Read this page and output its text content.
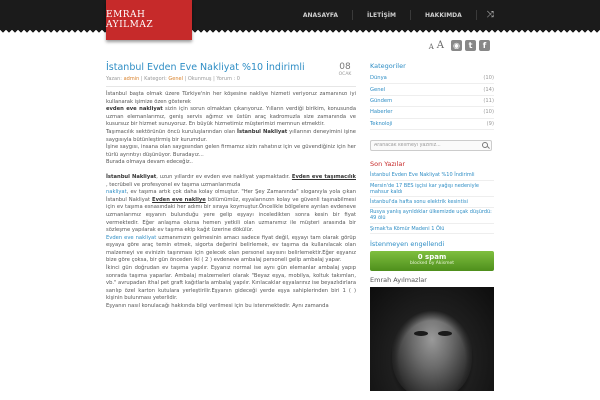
EMRAH AYILMAZ
ANASAYFA	İLETİŞİM	HAKKIMDA	⤨
A A ◉	t	f
İstanbul Evden Eve Nakliyat %10 İndirimli
Yazan: admin | Kategori: Genel | Okunmuş | Yorum : 0
08
OCAK
İstanbul başta olmak üzere Türkiye'nin her köşesine nakliye hizmeti veriyoruz zamanınızı iyi kullanarak işimize özen gösterek
evden eve nakliyat sizin için sorun olmaktan çıkarıyoruz. Yılların verdiği birikim, konusunda uzman elemanlarımız, geniş servis ağımız ve üstün araç kadromuzla size zamanında ve kusursuz bir hizmet sunuyoruz. En büyük hizmetimiz müşterimizi memnun etmektir.
Taşımacılık sektörünün öncü kuruluşlarından olan İstanbul Nakliyat yıllarının deneyimini işine saygısıyla bütünleştirmiş bir kurumdur.
İşine saygısı, insana olan saygısından gelen firmamız sizin rahatınız için ve güvendiğiniz için her türlü ayrıntıyı düşünüyor. Buradayız...
Burada olmaya devam edeceğiz..
İstanbul Nakliyat, uzun yıllardır ev evden eve nakliyat yapmaktadır. Evden eve taşımacılık , tecrübeli ve profesyonel ev taşıma uzmanlarımızla
nakliyat, ev taşıma artık çok daha kolay olmuştur. "Her Şey Zamanında" sloganıyla yola çıkan İstanbul Nakliyat Evden eve nakliye bölümümüz, eşyalarınızın kolay ve güvenli taşınabilmesi için ev taşıma esnasındaki her adımı bir sıraya koymuştur.Öncelikle bölgelere ayrılan evdeneve uzmanlarımız eşyanın bulunduğu yere gelip eşyayı inceledikten sonra kesin bir fiyat vermektedir. Eğer anlaşma olursa hemen yetkili olan uzmanımız ile müşteri arasında bir sözleşme yapılarak ev taşıma ekip kağıt üzerine dökülür.
Evden eve nakliyat uzmanımızın gelmesinin amacı sadece fiyat değil, eşyayı tam olarak görüp eşyaya göre araç temin etmek, sigorta değerini belirlemek, ev taşıma da kullanılacak olan malzemeyi ve evinizin taşınması için gelecek olan personel sayısını belirlemektir.Eğer eşyanız bize göre çoksa, bir gün önceden iki ( 2 ) evdeneve ambalaj personeli gelip ambalaj yapar.
İkinci gün doğrudan ev taşıma yapılır. Eşyanız normal ise aynı gün elemanlar ambalaj yapıp sonrada taşıma yaparlar. Ambalaj malzemeleri olarak "Beyaz eşya, mobilya, koltuk takımları, vb." avrupadan ithal pet graft kağıtlarla ambalaj yapılır. Kırılacaklar eşyalarınız ise beyazlıdırlara sarılıp özel karton kutulara yerleştirilir.Eşyanın gideceği yerde eşya sahiplerinden biri 1 ( ) kişinin bulunması yeterlidir.
Eşyanın nasıl konulacağı hakkında bilgi verilmesi için bu istenmektedir. Aynı zamanda
Kategoriler
Dünya	(10)
Genel	(14)
Gündem	(11)
Haberler	(10)
Teknoloji	(9)
Aranacak kelimeyi yazınız...
Son Yazılar
İstanbul Evden Eve Nakliyat %10 İndirimli
Mersin'de 17 BES işçisi kar yağışı nedeniyle mahsur kaldı
İstanbul'da hafta sonu elektrik kesintisi
Rusya yanlış ayrıldıklar ülkemizde uçak düşürdü: 49 ölü
Şırnak'ta Kömür Madeni 1 Ölü
İstenmeyen engellendi
0 spam
blocked by Akismet
Emrah Ayılmazlar
